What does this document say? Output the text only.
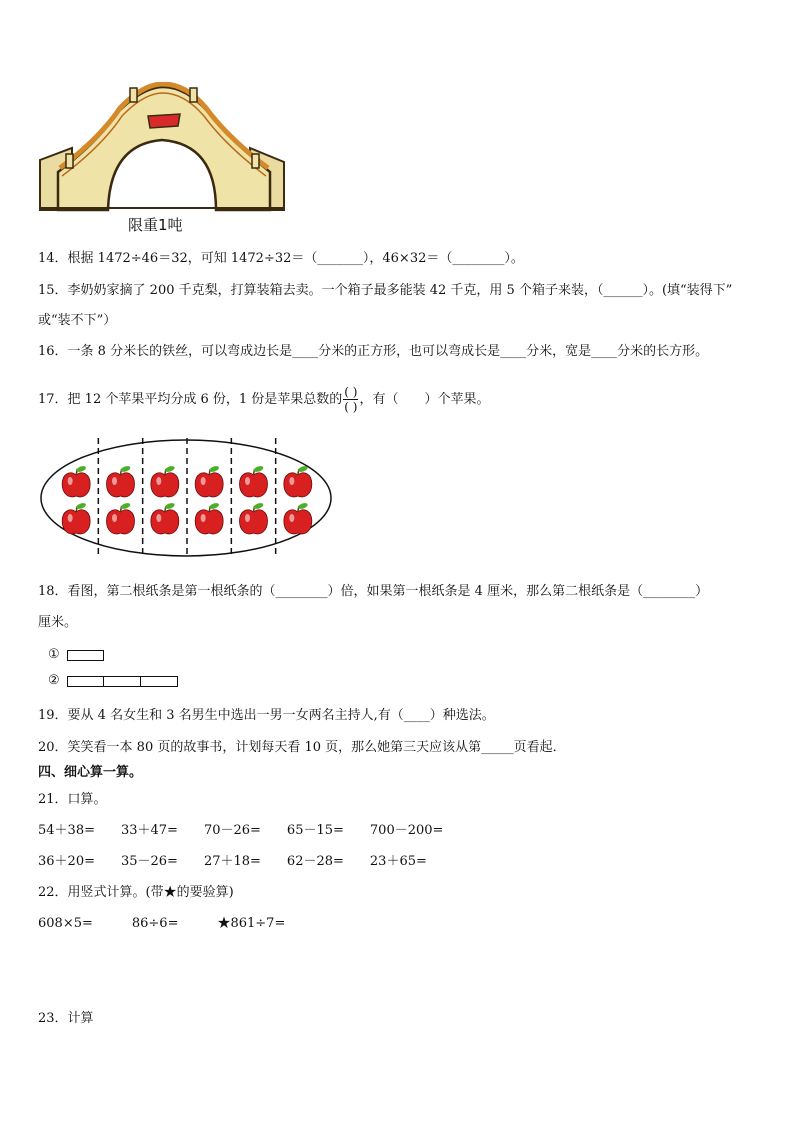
限重1吨
14．根据 1472÷46＝32，可知 1472÷32＝（_______），46×32＝（________）。
15．李奶奶家摘了 200 千克梨，打算装箱去卖。一个箱子最多能装 42 千克，用 5 个箱子来装，（______）。(填“装得下”
或“装不下”）
16．一条 8 分米长的铁丝，可以弯成边长是____分米的正方形，也可以弯成长是____分米，宽是____分米的长方形。
17．把 12 个苹果平均分成 6 份，1 份是苹果总数的 $\frac{( )}{( )}$ ，有（　　）个苹果。
18．看图，第二根纸条是第一根纸条的（________）倍，如果第一根纸条是 4 厘米，那么第二根纸条是（________）
厘米。
①
②
19．要从 4 名女生和 3 名男生中选出一男一女两名主持人,有（____）种选法。
20．笑笑看一本 80 页的故事书，计划每天看 10 页，那么她第三天应该从第_____页看起．
四、细心算一算。
21．口算。
54＋38=　　33＋47=　　70－26=　　65－15=　　700－200=
36＋20=　　35－26=　　27＋18=　　62－28=　　23＋65=
22．用竖式计算。(带★的要验算)
608×5=　　　86÷6=　　　★861÷7=
23．计算
